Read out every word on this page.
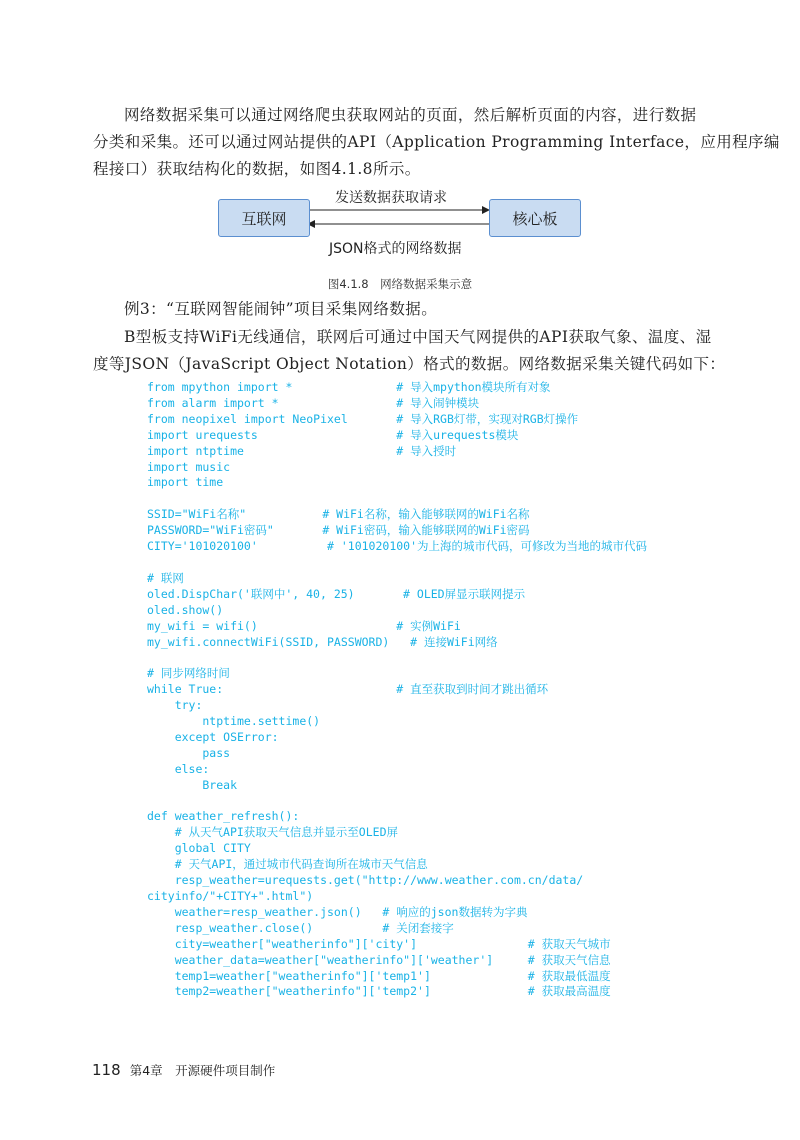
网络数据采集可以通过网络爬虫获取网站的页面，然后解析页面的内容，进行数据
分类和采集。还可以通过网站提供的API（Application Programming Interface，应用程序编
程接口）获取结构化的数据，如图4.1.8所示。
互联网	核心板
发送数据获取请求
JSON格式的网络数据
图4.1.8　网络数据采集示意
例3：“互联网智能闹钟”项目采集网络数据。
B型板支持WiFi无线通信，联网后可通过中国天气网提供的API获取气象、温度、湿
度等JSON（JavaScript Object Notation）格式的数据。网络数据采集关键代码如下：
from mpython import *               # 导入mpython模块所有对象
from alarm import *                 # 导入闹钟模块
from neopixel import NeoPixel       # 导入RGB灯带，实现对RGB灯操作
import urequests                    # 导入urequests模块
import ntptime                      # 导入授时
import music
import time

SSID="WiFi名称"           # WiFi名称，输入能够联网的WiFi名称
PASSWORD="WiFi密码"       # WiFi密码，输入能够联网的WiFi密码
CITY='101020100'          # '101020100'为上海的城市代码，可修改为当地的城市代码

# 联网
oled.DispChar('联网中', 40, 25)       # OLED屏显示联网提示
oled.show()
my_wifi = wifi()                    # 实例WiFi
my_wifi.connectWiFi(SSID, PASSWORD)   # 连接WiFi网络

# 同步网络时间
while True:                         # 直至获取到时间才跳出循环
try:
ntptime.settime()
except OSError:
pass
else:
Break

def weather_refresh():
# 从天气API获取天气信息并显示至OLED屏
global CITY
# 天气API，通过城市代码查询所在城市天气信息
resp_weather=urequests.get("http://www.weather.com.cn/data/
cityinfo/"+CITY+".html")
weather=resp_weather.json()   # 响应的json数据转为字典
resp_weather.close()          # 关闭套接字
city=weather["weatherinfo"]['city']                # 获取天气城市
weather_data=weather["weatherinfo"]['weather']     # 获取天气信息
temp1=weather["weatherinfo"]['temp1']              # 获取最低温度
temp2=weather["weatherinfo"]['temp2']              # 获取最高温度
118 第4章　开源硬件项目制作
